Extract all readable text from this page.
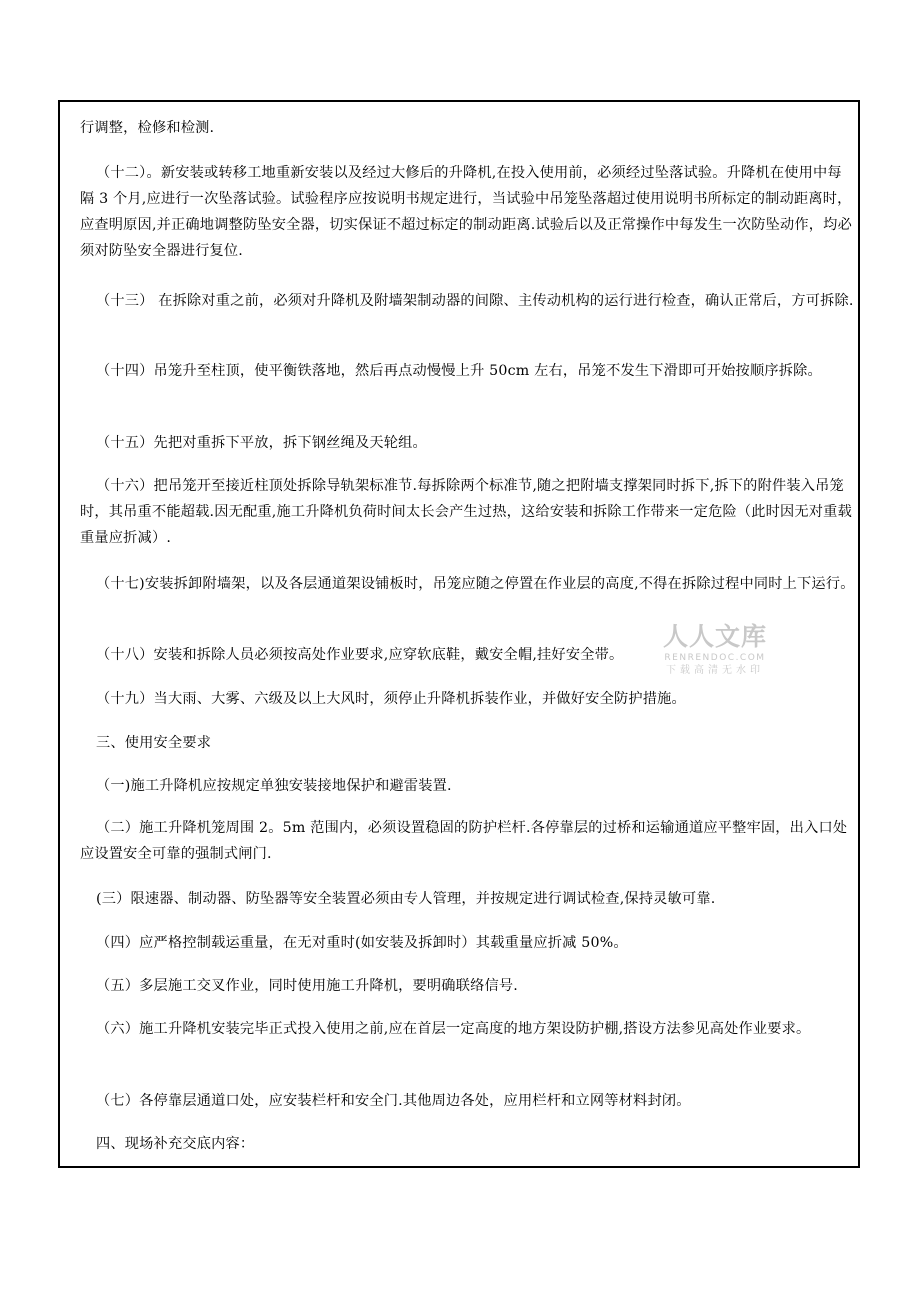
行调整，检修和检测.

（十二）。新安装或转移工地重新安装以及经过大修后的升降机,在投入使用前，必须经过坠落试验。升降机在使用中每隔 3 个月,应进行一次坠落试验。试验程序应按说明书规定进行，当试验中吊笼坠落超过使用说明书所标定的制动距离时，应查明原因,并正确地调整防坠安全器，切实保证不超过标定的制动距离.试验后以及正常操作中每发生一次防坠动作，均必须对防坠安全器进行复位.

（十三） 在拆除对重之前，必须对升降机及附墙架制动器的间隙、主传动机构的运行进行检查，确认正常后，方可拆除.

（十四）吊笼升至柱顶，使平衡铁落地，然后再点动慢慢上升 50cm 左右，吊笼不发生下滑即可开始按顺序拆除。

（十五）先把对重拆下平放，拆下钢丝绳及天轮组。

（十六）把吊笼开至接近柱顶处拆除导轨架标准节.每拆除两个标准节,随之把附墙支撑架同时拆下,拆下的附件装入吊笼时，其吊重不能超载.因无配重,施工升降机负荷时间太长会产生过热，这给安装和拆除工作带来一定危险（此时因无对重载重量应折减）.

（十七)安装拆卸附墙架，以及各层通道架设铺板时，吊笼应随之停置在作业层的高度,不得在拆除过程中同时上下运行。

（十八）安装和拆除人员必须按高处作业要求,应穿软底鞋，戴安全帽,挂好安全带。

（十九）当大雨、大雾、六级及以上大风时，须停止升降机拆装作业，并做好安全防护措施。

三、使用安全要求

（一)施工升降机应按规定单独安装接地保护和避雷装置.

（二）施工升降机笼周围 2。5m 范围内，必须设置稳固的防护栏杆.各停靠层的过桥和运输通道应平整牢固，出入口处应设置安全可靠的强制式闸门.

(三）限速器、制动器、防坠器等安全装置必须由专人管理，并按规定进行调试检查,保持灵敏可靠.

（四）应严格控制载运重量，在无对重时(如安装及拆卸时）其载重量应折减 50%。

（五）多层施工交叉作业，同时使用施工升降机，要明确联络信号.

（六）施工升降机安装完毕正式投入使用之前,应在首层一定高度的地方架设防护棚,搭设方法参见高处作业要求。

（七）各停靠层通道口处，应安装栏杆和安全门.其他周边各处，应用栏杆和立网等材料封闭。

四、现场补充交底内容：

人人文库
RENRENDOC.COM
下载高清无水印
